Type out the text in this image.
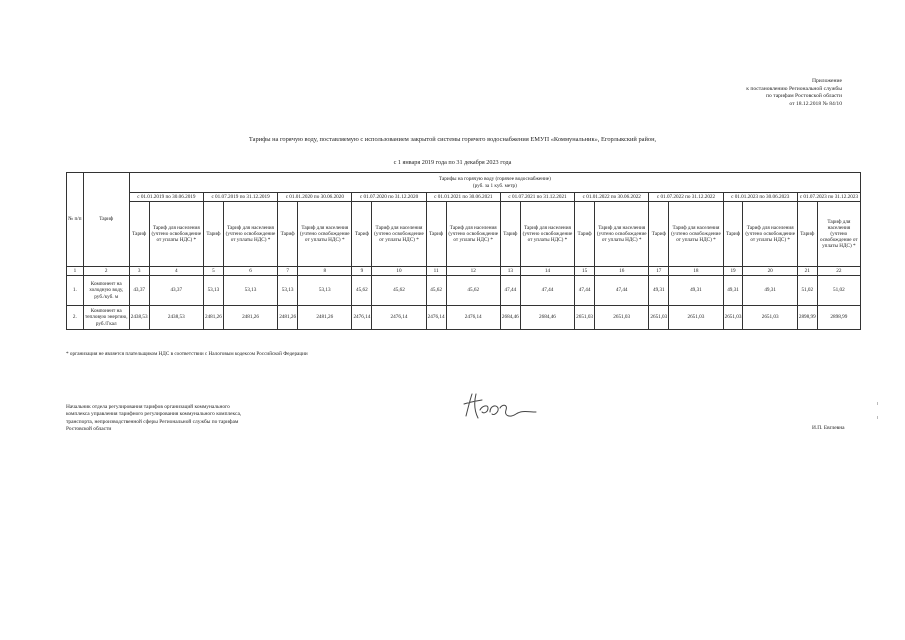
Приложение
к постановлению Региональной службы
по тарифам Ростовской области
от 18.12.2018 № 84/10
Тарифы на горячую воду, поставляемую с использованием закрытой системы горячего водоснабжения ЕМУП «Коммунальник», Егорлыкский район,
с 1 января 2019 года по 31 декабря 2023 года
№ п/п	Тариф	Тарифы на горячую воду (горячее водоснабжение)
(руб. за 1 куб. метр)																			

		с 01.01.2019 по 30.06.2019		с 01.07.2019 по 31.12.2019		с 01.01.2020 по 30.06.2020		с 01.07.2020 по 31.12.2020		с 01.01.2021 по 30.06.2021		с 01.07.2021 по 31.12.2021		с 01.01.2022 по 30.06.2022		с 01.07.2022 по 31.12.2022		с 01.01.2023 по 30.06.2023		с 01.07.2023 по 31.12.2023	
		Тариф	Тариф для населения (учтено освобождение от уплаты НДС) *	Тариф	Тариф для населения (учтено освобождение от уплаты НДС) *	Тариф	Тариф для населения (учтено освобождение от уплаты НДС) *	Тариф	Тариф для населения (учтено освобождение от уплаты НДС) *	Тариф	Тариф для населения (учтено освобождение от уплаты НДС) *	Тариф	Тариф для населения (учтено освобождение от уплаты НДС) *	Тариф	Тариф для населения (учтено освобождение от уплаты НДС) *	Тариф	Тариф для населения (учтено освобождение от уплаты НДС) *	Тариф	Тариф для населения (учтено освобождение от уплаты НДС) *	Тариф	Тариф для населения (учтено освобождение от уплаты НДС) *
1	2	3	4	5	6	7	8	9	10	11	12	13	14	15	16	17	18	19	20	21	22
1.	Компонент на холодную воду, руб./куб. м	43,37	43,37	53,13	53,13	53,13	53,13	45,62	45,62	45,62	45,62	47,44	47,44	47,44	47,44	49,31	49,31	49,31	49,31	51,02	51,02
2.	Компонент на тепловую энергию, руб./Гкал	2438,53	2438,53	2481,26	2481,26	2481,26	2481,26	2476,14	2476,14	2476,14	2476,14	2684,46	2684,46	2651,03	2651,03	2651,03	2651,03	2651,03	2651,03	2898,99	2898,99
* организация не является плательщиком НДС в соответствии с Налоговым кодексом Российской Федерации
Начальник отдела регулирования тарифов организаций коммунального
комплекса управления тарифного регулирования коммунального комплекса,
транспорта, непроизводственной сферы Региональной службы по тарифам
Ростовской области	И.П. Евглевна
